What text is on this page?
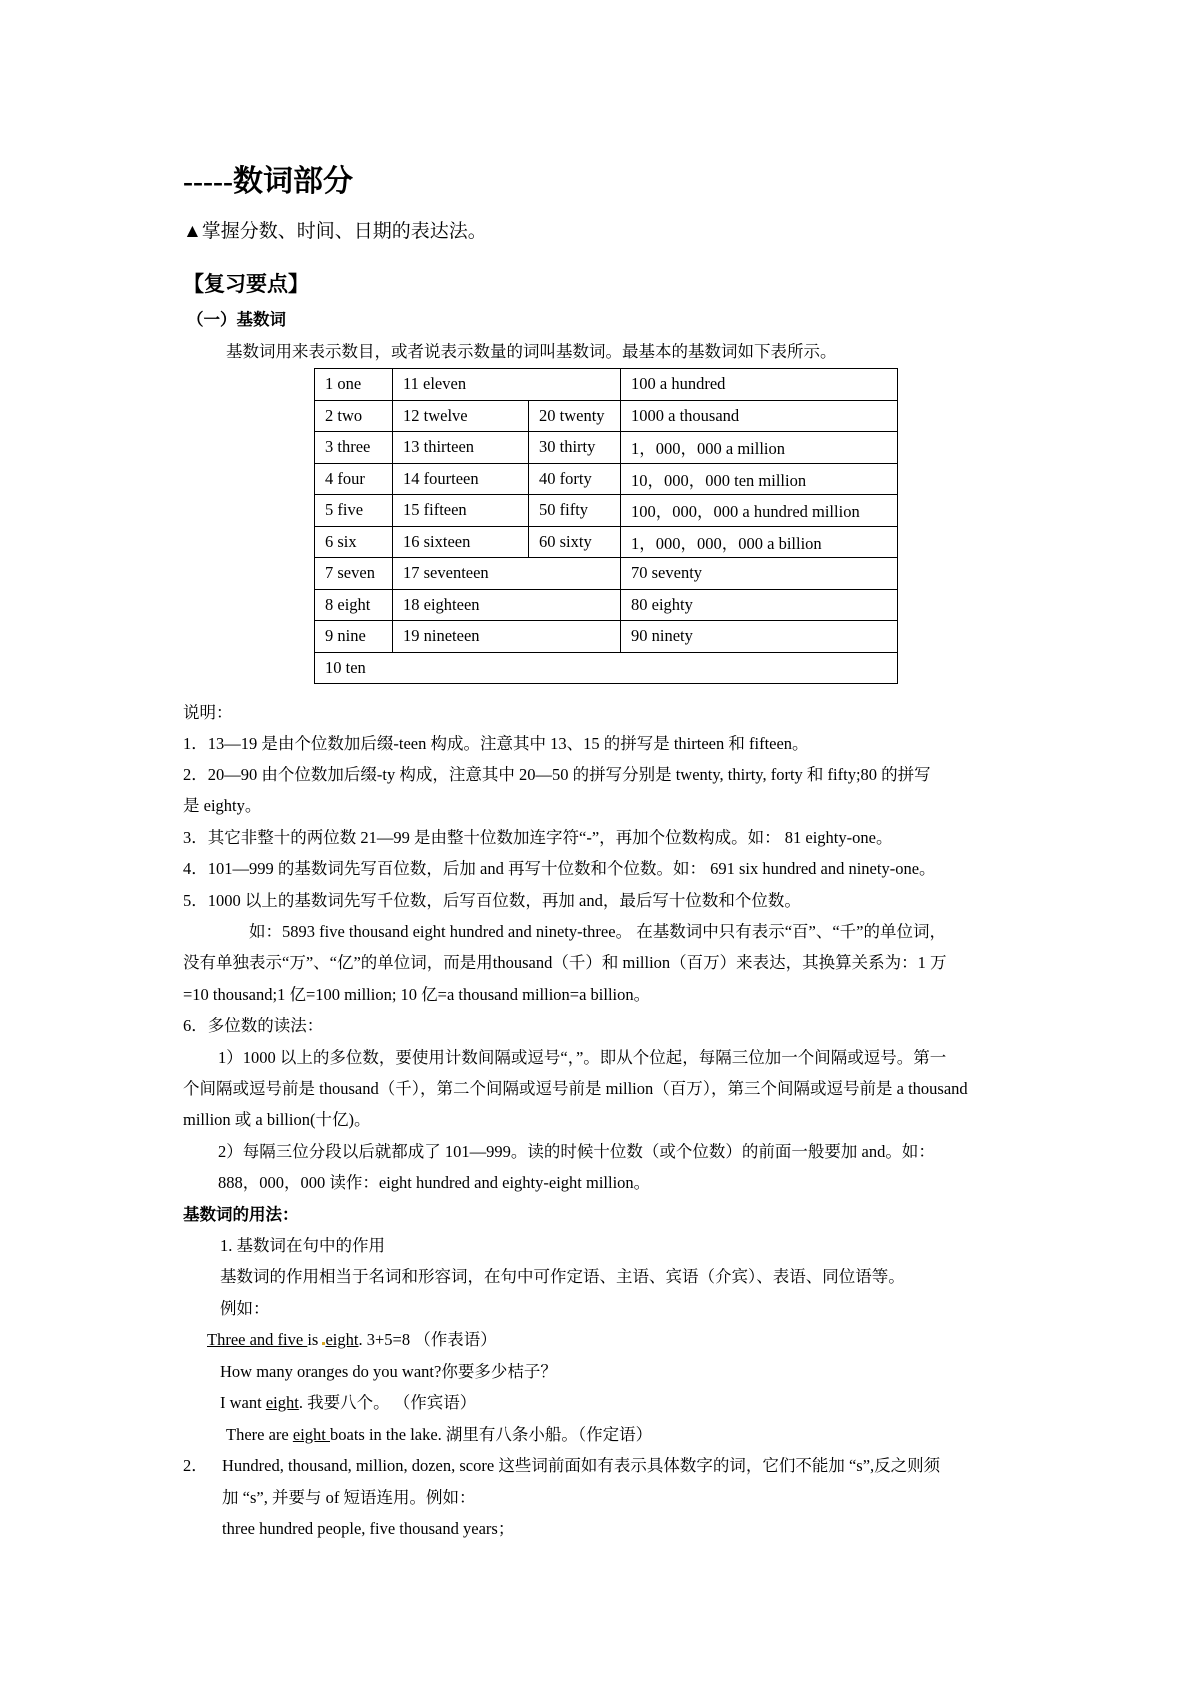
-----数词部分
▲掌握分数、时间、日期的表达法。
【复习要点】
（一）基数词
基数词用来表示数目，或者说表示数量的词叫基数词。最基本的基数词如下表所示。
1 one	11 eleven		100 a hundred
2 two	12 twelve	20 twenty	1000 a thousand
3 three	13 thirteen	30 thirty	1，000，000 a million
4 four	14 fourteen	40 forty	10，000，000 ten million
5 five	15 fifteen	50 fifty	100，000，000 a hundred million
6 six	16 sixteen	60 sixty	1，000，000，000 a billion
7 seven	17 seventeen		70 seventy
8 eight	18 eighteen		80 eighty
9 nine	19 nineteen		90 ninety
10 ten			
说明：
1．13—19 是由个位数加后缀-teen 构成。注意其中 13、15 的拼写是 thirteen 和 fifteen。
2．20—90 由个位数加后缀-ty 构成，注意其中 20—50 的拼写分别是 twenty, thirty, forty 和 fifty;80 的拼写
是 eighty。
3．其它非整十的两位数 21—99 是由整十位数加连字符“-”，再加个位数构成。如： 81 eighty-one。
4．101—999 的基数词先写百位数，后加 and 再写十位数和个位数。如： 691 six hundred and ninety-one。
5．1000 以上的基数词先写千位数，后写百位数，再加 and，最后写十位数和个位数。
如：5893 five thousand eight hundred and ninety-three。 在基数词中只有表示“百”、“千”的单位词，
没有单独表示“万”、“亿”的单位词，而是用thousand（千）和 million（百万）来表达，其换算关系为：1 万
=10 thousand;1 亿=100 million; 10 亿=a thousand million=a billion。
6．多位数的读法：
1）1000 以上的多位数，要使用计数间隔或逗号“，”。即从个位起，每隔三位加一个间隔或逗号。第一
个间隔或逗号前是 thousand（千），第二个间隔或逗号前是 million（百万），第三个间隔或逗号前是 a thousand
million 或 a billion(十亿)。
2）每隔三位分段以后就都成了 101—999。读的时候十位数（或个位数）的前面一般要加 and。如：
888，000，000 读作：eight hundred and eighty-eight million。
基数词的用法：
1. 基数词在句中的作用
基数词的作用相当于名词和形容词，在句中可作定语、主语、宾语（介宾）、表语、同位语等。
例如：
Three and five is eight. 3+5=8 （作表语）
How many oranges do you want?你要多少桔子？
I want eight. 我要八个。 （作宾语）
There are eight boats in the lake. 湖里有八条小船。（作定语）
2． Hundred, thousand, million, dozen, score 这些词前面如有表示具体数字的词，它们不能加 “s”,反之则须
加 “s”, 并要与 of 短语连用。例如：
three hundred people, five thousand years；
